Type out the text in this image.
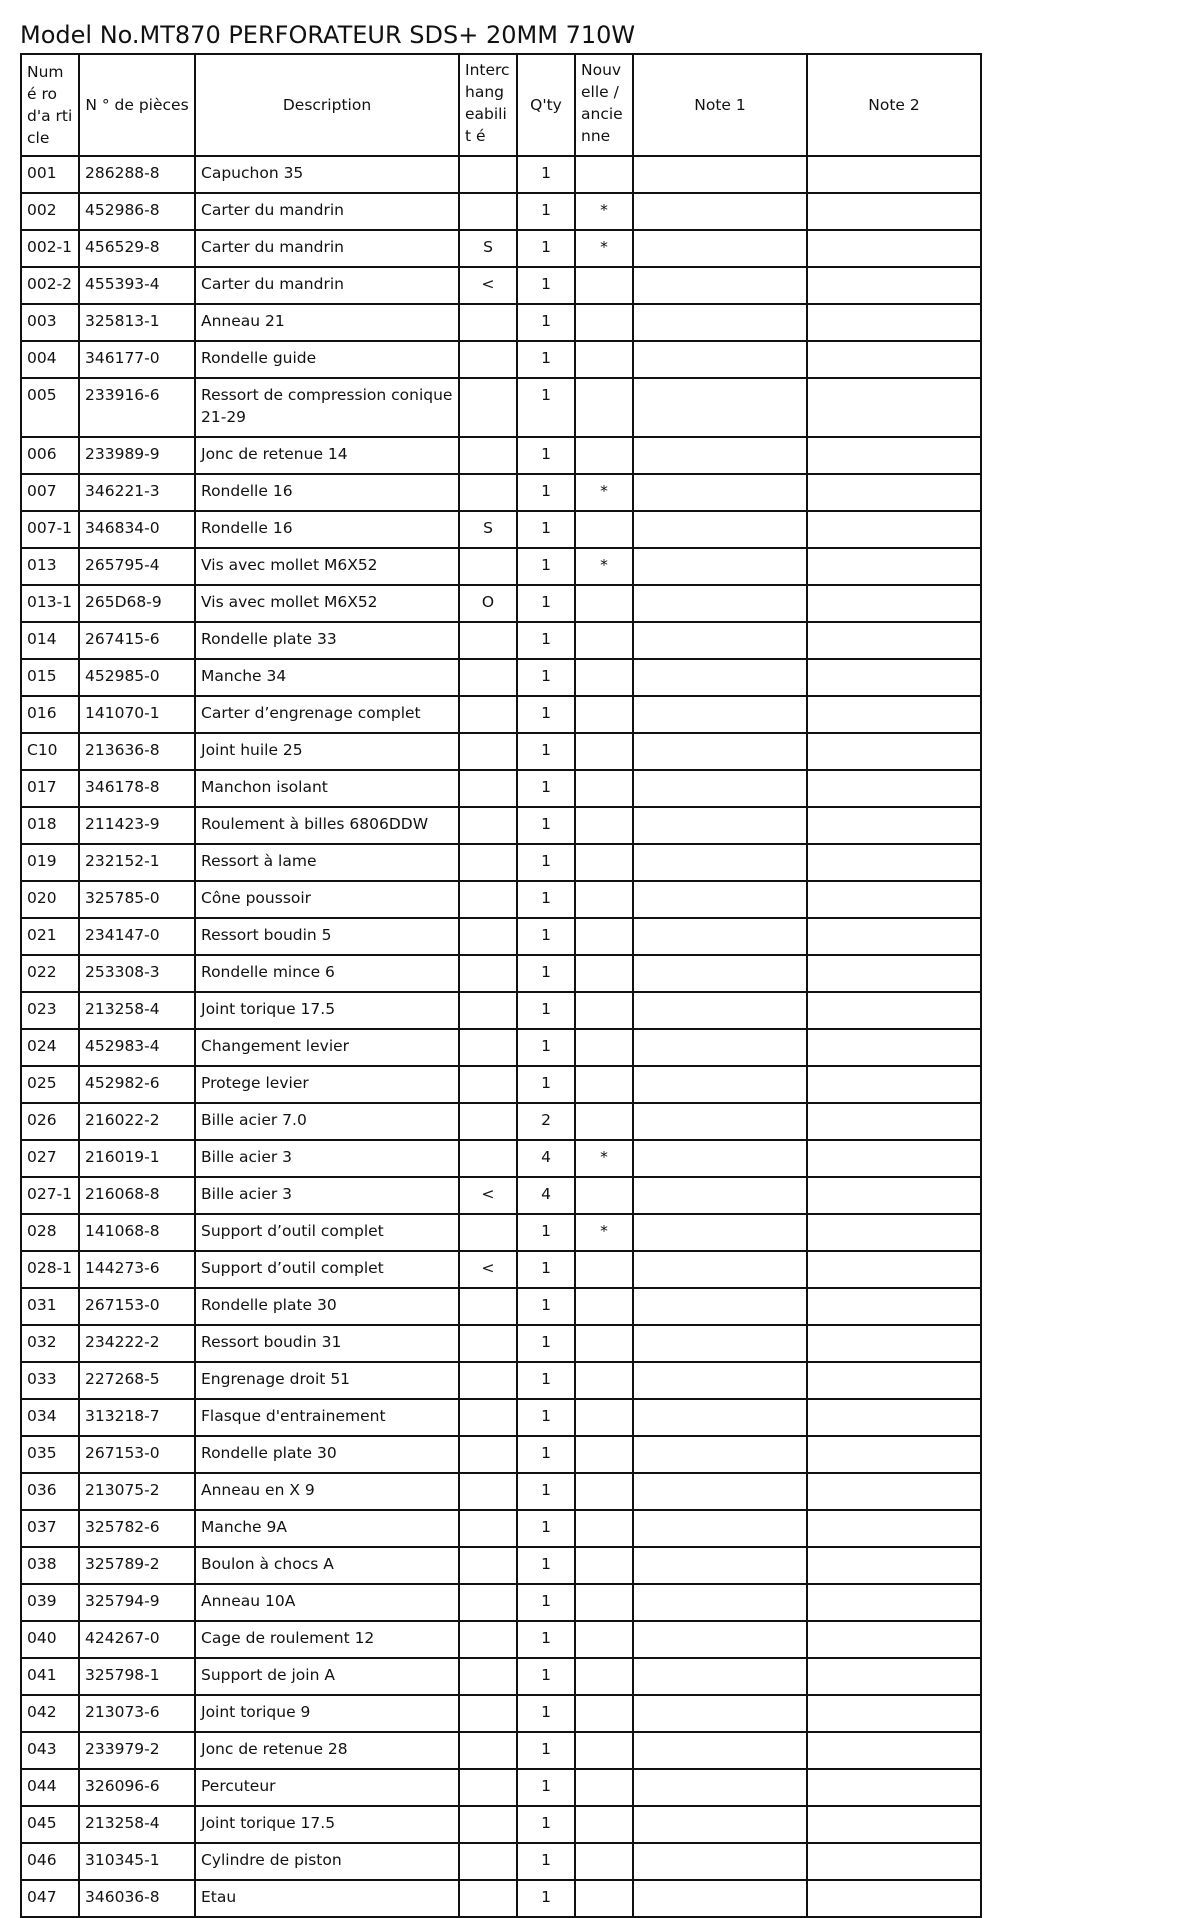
Model No.MT870 PERFORATEUR SDS+ 20MM 710W
Numé ro d'a rticle	N ° de pièces	Description	Interc hang eabilit é	Q'ty	Nouv elle / ancie nne	Note 1	Note 2
001	286288-8	Capuchon 35		1			
002	452986-8	Carter du mandrin		1	*		
002-1	456529-8	Carter du mandrin	S	1	*		
002-2	455393-4	Carter du mandrin	<	1			
003	325813-1	Anneau 21		1			
004	346177-0	Rondelle guide		1			
005	233916-6	Ressort de compression conique 21-29		1			
006	233989-9	Jonc de retenue 14		1			
007	346221-3	Rondelle 16		1	*		
007-1	346834-0	Rondelle 16	S	1			
013	265795-4	Vis avec mollet M6X52		1	*		
013-1	265D68-9	Vis avec mollet M6X52	O	1			
014	267415-6	Rondelle plate 33		1			
015	452985-0	Manche 34		1			
016	141070-1	Carter d’engrenage complet		1			
C10	213636-8	Joint huile 25		1			
017	346178-8	Manchon isolant		1			
018	211423-9	Roulement à billes 6806DDW		1			
019	232152-1	Ressort à lame		1			
020	325785-0	Cône poussoir		1			
021	234147-0	Ressort boudin 5		1			
022	253308-3	Rondelle mince 6		1			
023	213258-4	Joint torique 17.5		1			
024	452983-4	Changement levier		1			
025	452982-6	Protege levier		1			
026	216022-2	Bille acier 7.0		2			
027	216019-1	Bille acier 3		4	*		
027-1	216068-8	Bille acier 3	<	4			
028	141068-8	Support d’outil complet		1	*		
028-1	144273-6	Support d’outil complet	<	1			
031	267153-0	Rondelle plate 30		1			
032	234222-2	Ressort boudin 31		1			
033	227268-5	Engrenage droit 51		1			
034	313218-7	Flasque d'entrainement		1			
035	267153-0	Rondelle plate 30		1			
036	213075-2	Anneau en X 9		1			
037	325782-6	Manche 9A		1			
038	325789-2	Boulon à chocs A		1			
039	325794-9	Anneau 10A		1			
040	424267-0	Cage de roulement 12		1			
041	325798-1	Support de join A		1			
042	213073-6	Joint torique 9		1			
043	233979-2	Jonc de retenue 28		1			
044	326096-6	Percuteur		1			
045	213258-4	Joint torique 17.5		1			
046	310345-1	Cylindre de piston		1			
047	346036-8	Etau		1			
